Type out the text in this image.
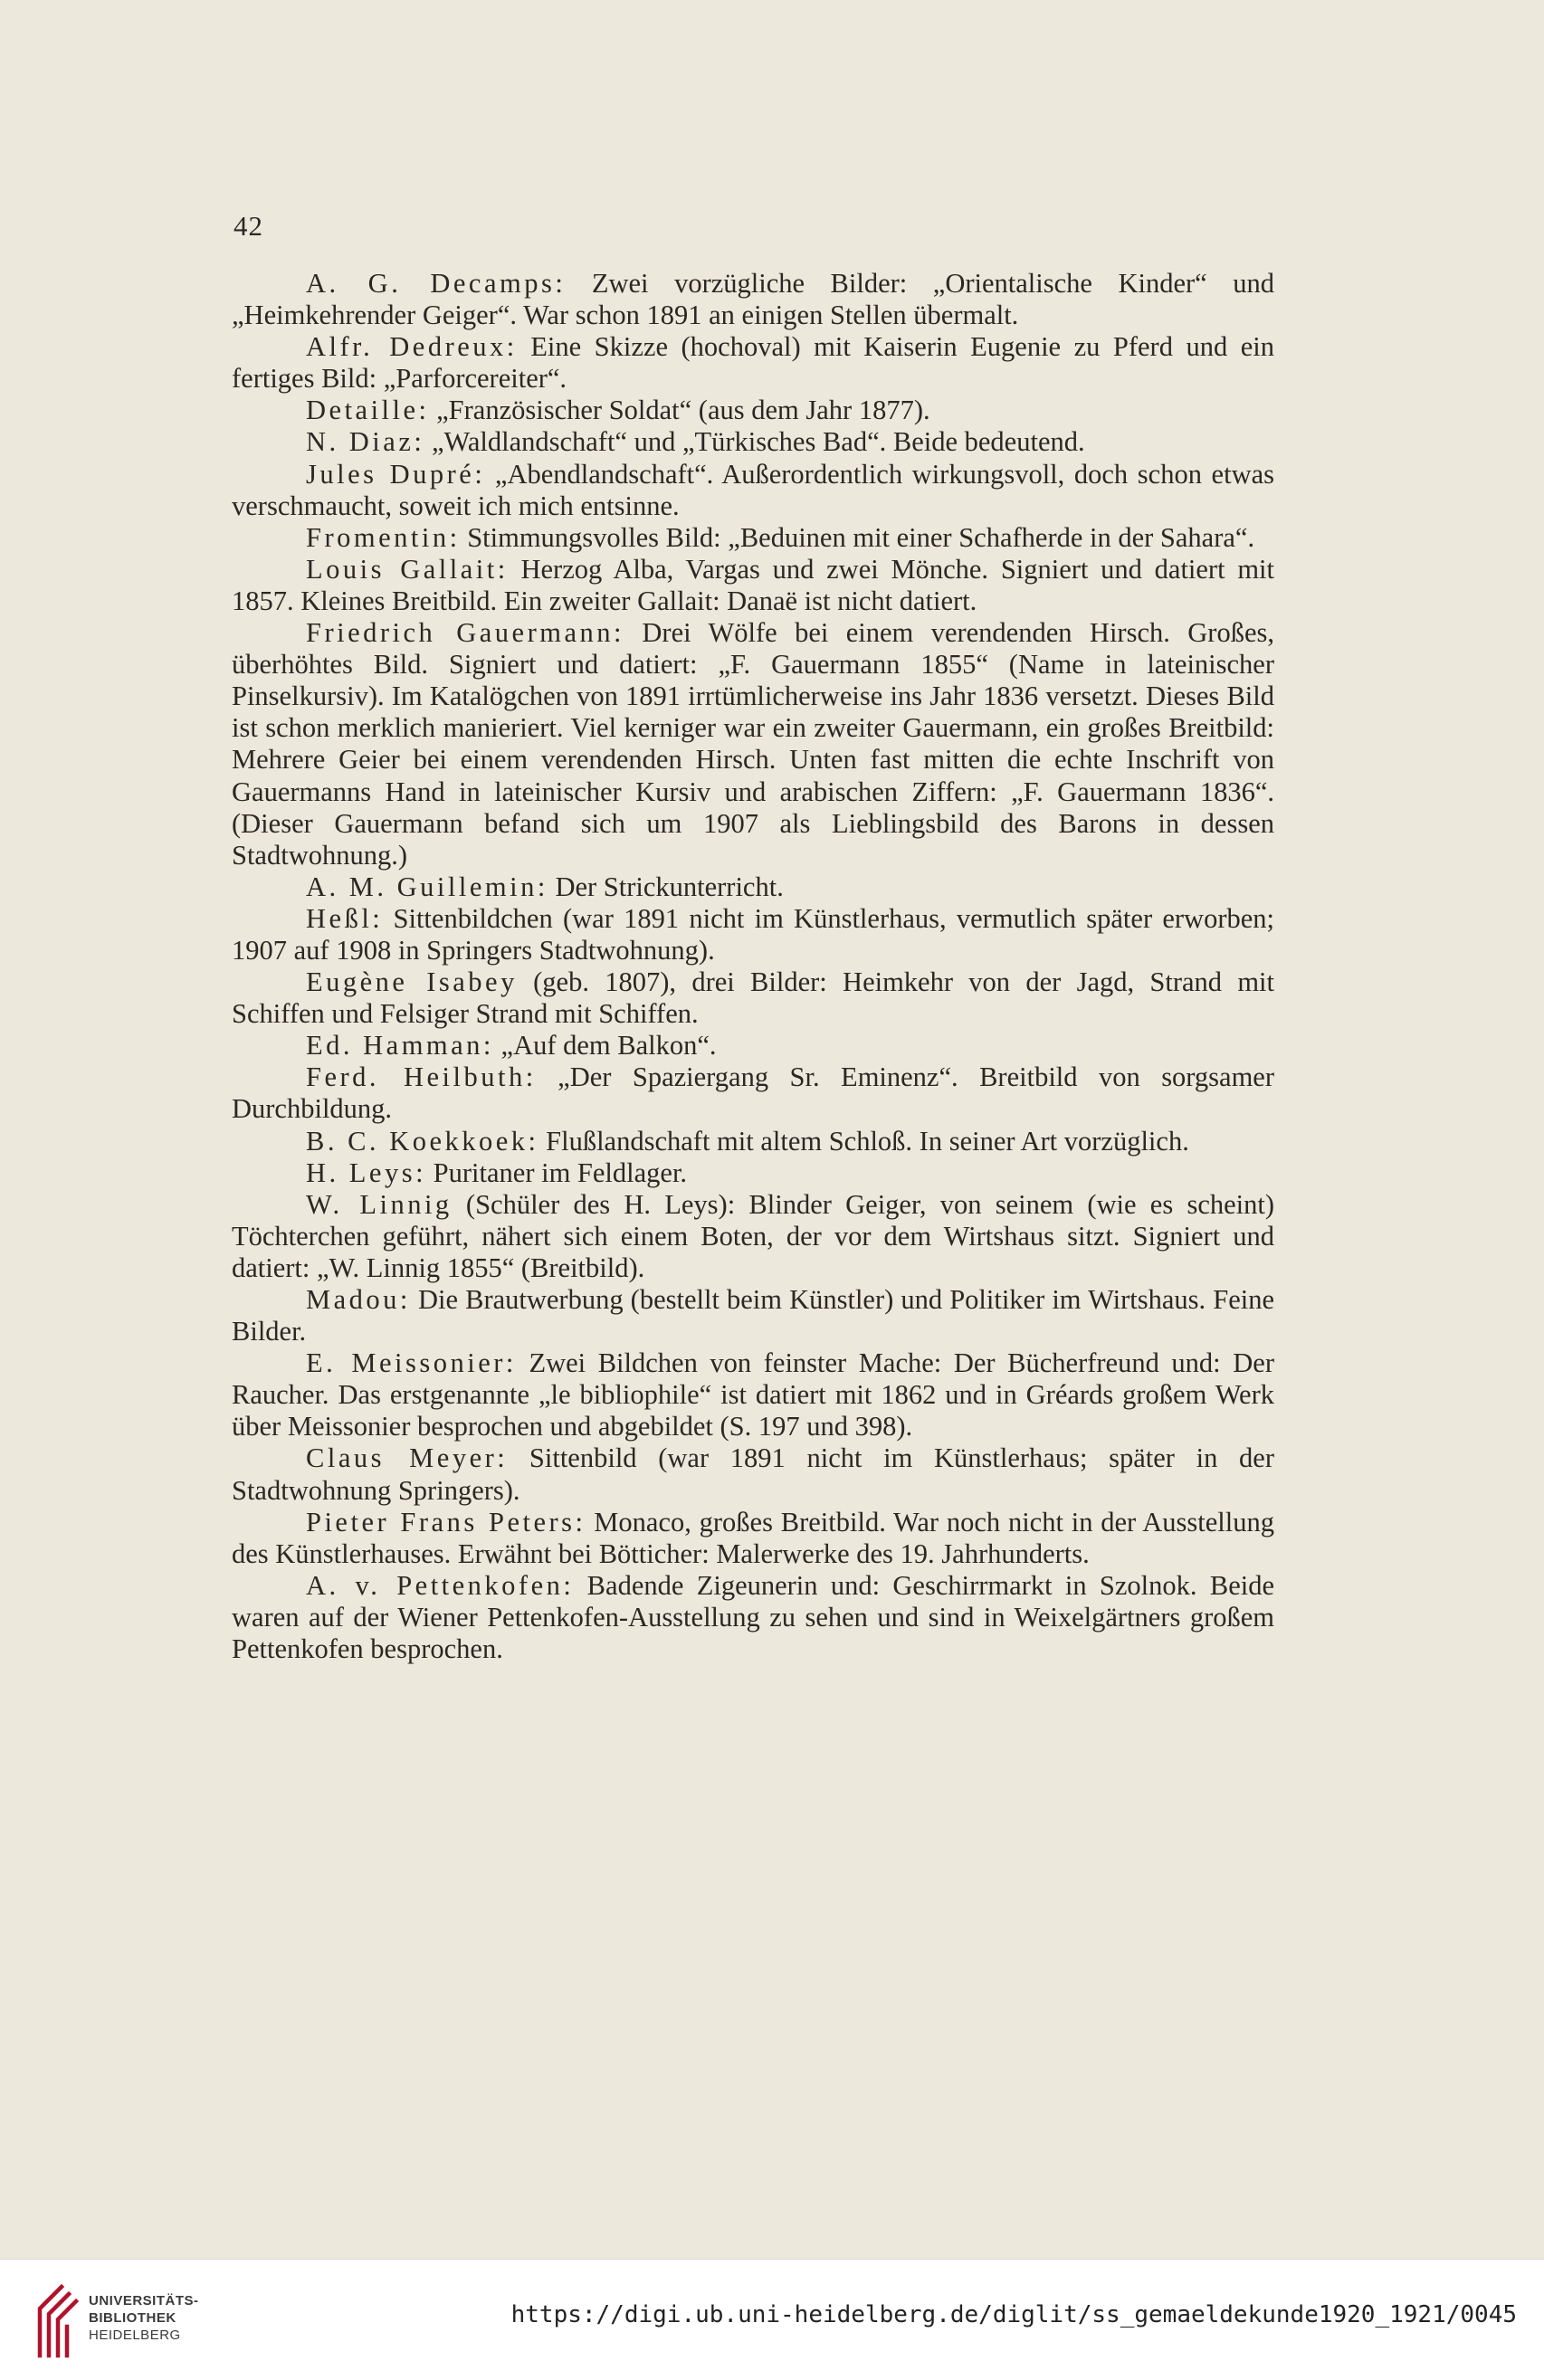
42

A. G. Decamps: Zwei vorzügliche Bilder: „Orientalische Kinder“ und „Heimkehrender Geiger“. War schon 1891 an einigen Stellen übermalt.

Alfr. Dedreux: Eine Skizze (hochoval) mit Kaiserin Eugenie zu Pferd und ein fertiges Bild: „Parforcereiter“.

Detaille: „Französischer Soldat“ (aus dem Jahr 1877).

N. Diaz: „Waldlandschaft“ und „Türkisches Bad“. Beide bedeutend.

Jules Dupré: „Abendlandschaft“. Außerordentlich wirkungsvoll, doch schon etwas verschmaucht, soweit ich mich entsinne.

Fromentin: Stimmungsvolles Bild: „Beduinen mit einer Schafherde in der Sahara“.

Louis Gallait: Herzog Alba, Vargas und zwei Mönche. Signiert und datiert mit 1857. Kleines Breitbild. Ein zweiter Gallait: Danaë ist nicht datiert.

Friedrich Gauermann: Drei Wölfe bei einem verendenden Hirsch. Großes, überhöhtes Bild. Signiert und datiert: „F. Gauermann 1855“ (Name in lateinischer Pinselkursiv). Im Katalögchen von 1891 irrtümlicherweise ins Jahr 1836 versetzt. Dieses Bild ist schon merklich manieriert. Viel kerniger war ein zweiter Gauermann, ein großes Breitbild: Mehrere Geier bei einem verendenden Hirsch. Unten fast mitten die echte Inschrift von Gauermanns Hand in lateinischer Kursiv und arabischen Ziffern: „F. Gauermann 1836“. (Dieser Gauermann befand sich um 1907 als Lieblingsbild des Barons in dessen Stadtwohnung.)

A. M. Guillemin: Der Strickunterricht.

Heßl: Sittenbildchen (war 1891 nicht im Künstlerhaus, vermutlich später erworben; 1907 auf 1908 in Springers Stadtwohnung).

Eugène Isabey (geb. 1807), drei Bilder: Heimkehr von der Jagd, Strand mit Schiffen und Felsiger Strand mit Schiffen.

Ed. Hamman: „Auf dem Balkon“.

Ferd. Heilbuth: „Der Spaziergang Sr. Eminenz“. Breitbild von sorgsamer Durchbildung.

B. C. Koekkoek: Flußlandschaft mit altem Schloß. In seiner Art vorzüglich.

H. Leys: Puritaner im Feldlager.

W. Linnig (Schüler des H. Leys): Blinder Geiger, von seinem (wie es scheint) Töchterchen geführt, nähert sich einem Boten, der vor dem Wirtshaus sitzt. Signiert und datiert: „W. Linnig 1855“ (Breitbild).

Madou: Die Brautwerbung (bestellt beim Künstler) und Politiker im Wirtshaus. Feine Bilder.

E. Meissonier: Zwei Bildchen von feinster Mache: Der Bücherfreund und: Der Raucher. Das erstgenannte „le bibliophile“ ist datiert mit 1862 und in Gréards großem Werk über Meissonier besprochen und abgebildet (S. 197 und 398).

Claus Meyer: Sittenbild (war 1891 nicht im Künstlerhaus; später in der Stadtwohnung Springers).

Pieter Frans Peters: Monaco, großes Breitbild. War noch nicht in der Ausstellung des Künstlerhauses. Erwähnt bei Bötticher: Malerwerke des 19. Jahrhunderts.

A. v. Pettenkofen: Badende Zigeunerin und: Geschirrmarkt in Szolnok. Beide waren auf der Wiener Pettenkofen-Ausstellung zu sehen und sind in Weixelgärtners großem Pettenkofen besprochen.

UNIVERSITÄTS-
BIBLIOTHEK
HEIDELBERG
https://digi.ub.uni-heidelberg.de/diglit/ss_gemaeldekunde1920_1921/0045
